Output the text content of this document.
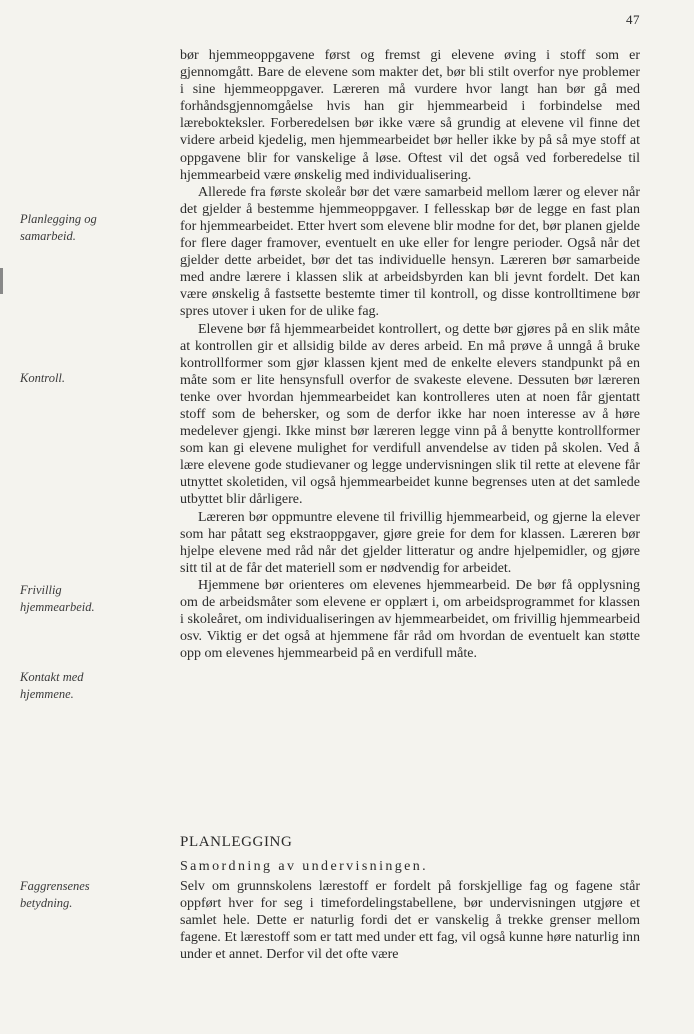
47
Planlegging og samarbeid.
Kontroll.
Frivillig hjemmearbeid.
Kontakt med hjemmene.
Faggrensenes betydning.

bør hjemmeoppgavene først og fremst gi elevene øving i stoff som er gjennomgått. Bare de elevene som makter det, bør bli stilt overfor nye problemer i sine hjemmeoppgaver. Læreren må vurdere hvor langt han bør gå med forhåndsgjennomgåelse hvis han gir hjemmearbeid i forbindelse med lærebokteksler. Forberedelsen bør ikke være så grundig at elevene vil finne det videre arbeid kjedelig, men hjemmearbeidet bør heller ikke by på så mye stoff at oppgavene blir for vanskelige å løse. Oftest vil det også ved forberedelse til hjemmearbeid være ønskelig med individualisering.

Allerede fra første skoleår bør det være samarbeid mellom lærer og elever når det gjelder å bestemme hjemmeoppgaver. I fellesskap bør de legge en fast plan for hjemmearbeidet. Etter hvert som elevene blir modne for det, bør planen gjelde for flere dager framover, eventuelt en uke eller for lengre perioder. Også når det gjelder dette arbeidet, bør det tas individuelle hensyn. Læreren bør samarbeide med andre lærere i klassen slik at arbeidsbyrden kan bli jevnt fordelt. Det kan være ønskelig å fastsette bestemte timer til kontroll, og disse kontrolltimene bør spres utover i uken for de ulike fag.

Elevene bør få hjemmearbeidet kontrollert, og dette bør gjøres på en slik måte at kontrollen gir et allsidig bilde av deres arbeid. En må prøve å unngå å bruke kontrollformer som gjør klassen kjent med de enkelte elevers standpunkt på en måte som er lite hensynsfull overfor de svakeste elevene. Dessuten bør læreren tenke over hvordan hjemmearbeidet kan kontrolleres uten at noen får gjentatt stoff som de behersker, og som de derfor ikke har noen interesse av å høre medelever gjengi. Ikke minst bør læreren legge vinn på å benytte kontrollformer som kan gi elevene mulighet for verdifull anvendelse av tiden på skolen. Ved å lære elevene gode studievaner og legge undervisningen slik til rette at elevene får utnyttet skoletiden, vil også hjemmearbeidet kunne begrenses uten at det samlede utbyttet blir dårligere.

Læreren bør oppmuntre elevene til frivillig hjemmearbeid, og gjerne la elever som har påtatt seg ekstraoppgaver, gjøre greie for dem for klassen. Læreren bør hjelpe elevene med råd når det gjelder litteratur og andre hjelpemidler, og gjøre sitt til at de får det materiell som er nødvendig for arbeidet.

Hjemmene bør orienteres om elevenes hjemmearbeid. De bør få opplysning om de arbeidsmåter som elevene er opplært i, om arbeidsprogrammet for klassen i skoleåret, om individualiseringen av hjemmearbeidet, om frivillig hjemmearbeid osv. Viktig er det også at hjemmene får råd om hvordan de eventuelt kan støtte opp om elevenes hjemmearbeid på en verdifull måte.

PLANLEGGING
Samordning av undervisningen.

Selv om grunnskolens lærestoff er fordelt på forskjellige fag og fagene står oppført hver for seg i timefordelingstabellene, bør undervisningen utgjøre et samlet hele. Dette er naturlig fordi det er vanskelig å trekke grenser mellom fagene. Et lærestoff som er tatt med under ett fag, vil også kunne høre naturlig inn under et annet. Derfor vil det ofte være
